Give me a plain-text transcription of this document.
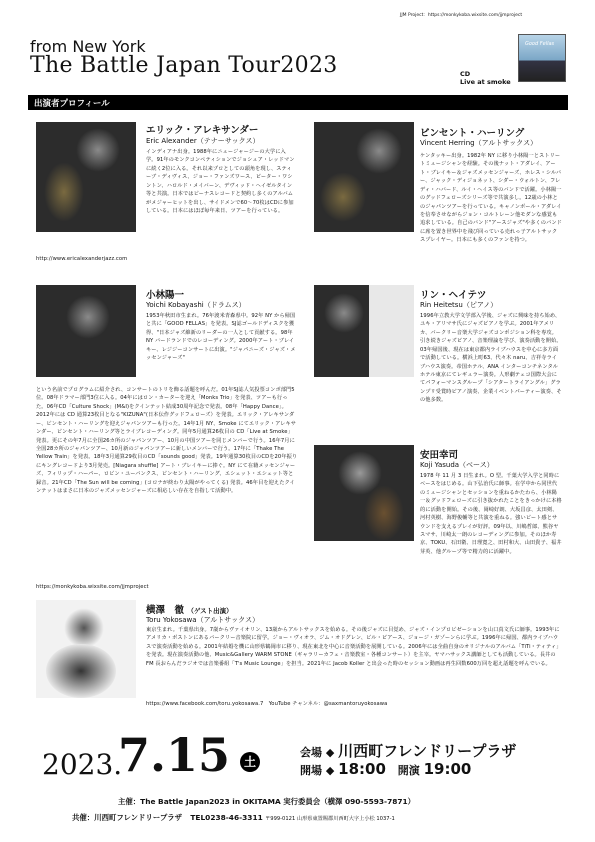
JJM Project：https://monkykoba.wixsite.com/jjmproject
from New York
The Battle Japan Tour2023
Good Fellas
CD
Live at smoke
出演者プロフィール
エリック・アレキサンダー
Eric Alexander（テナーサックス）
インディアナ出身。1988年にニュージャージーの大学に入学。91年のモンクコンペティションでジョシュア・レッドマンに続く2位に入る。それ以来プロとしての頭角を現し、スティーブ・ディヴィス、ジョー・ファンズワース、ピーター・ワシントン、ハロルド・メイバーン、デヴィッド・ヘイゼルタイン等と共演。日本ではビーナスレコードと契約し多くのアルバムがメジャーヒットを出し、サイドメンで60〜70枚はCDに参加している。日本にはほぼ毎年来日、ツアーを行っている。
http://www.ericalexanderjazz.com
ビンセント・ハーリング
Vincent Herring（アルトサックス）
ケンタッキー出身。1982年 NY に移り小林陽一とストリートミュージシャンを経験。その後ナット・アダレイ、アート・ブレイキー＆ジャズメッセンジャーズ、ホレス・シルバー、ジャック・ディジョネット、シダー・ウォルトン、フレディ・ハバード、ルイ・ヘイス等のバンドで活躍。小林陽一のグッドフェローズシリーズ等で共演多し。12歳の小林とのジャパンツアーを行っている。キャノンボール・アダレイを信奉させながらジョン・コルトレーン他モダンな感覚も追求している。自己のバンド"アースジャズ"や多くのバンドに席を置き世界中を飛び回っている売れっ子アルトサックスプレイヤー。日本にも多くのファンを持つ。
小林陽一
Yoichi Kobayashi（ドラムス）
1953年秋田市生まれ。76年渡米青森県中。92年 NY から帰国と共に「GOOD FELLAS」を発表。SJ誌ゴールドディスクを獲得、"日本ジャズ維新のリーダーの一人として貢献する。98年 NY バードランドでのレコーディング。2000年アート・ブレイキー、レジジーコンサートに出演。"ジャパニーズ・ジャズ・メッセンジャーズ"
という名前でプログラムに紹介され、コンサートのトリを飾る話題を呼んだ。01年SJ誌人気投票コンボ部門5位。08年ドラマー部門3位に入る。04年にはロン・カーターを迎え「Monks Trio」を発表、ツアーも行った。06年CD「Culture Shock」(M&I)をクインテット結成30周年記念で発表。08年「Happy Dance」。2012年には CD 通算23枚目となる"KIZUNA"(日本伝作グッドフェローズ）を発表。エリック・アレキサンダー、ビンセント・ハーリングを迎えジャパンツアーも行った。14年1月 NY、Smoke にてエリック・アレキサンダー、ビンセント・ハーリング等とライブレコーディング。同年5月通算26枚目の CD「Live at Smoke」発表。更にその年7月に全国26カ所のジャパンツアー、10月の中国ツアーを同じメンバーで行う。16年7月に全国28カ所のジャパンツアー、10月新のジャパンツアーに新しいメンバーで行う。17年に「Thake The Yellow Train」を発表。18年3月通算29枚目のCD「sounds good」発表。19年通算30枚目のCDを20年振りにキングレコードより3月発売。[Niagara shuffle] アート・ブレイキーに捧ぐ。NY にて在籍メッセンジャーズ、フィリップ・ハーパー、ロビン・ユーバンクス、ビンセント・ハーリング、エシェット・エシェット等と録音。21年CD「The Sun will be coming」(コロナが終わり太陽がやってくる) 発表。46年目を迎えたクインテットはまさに日本のジャズメッセンジャーズに相応しい存在を自指して活動中。
https://monkykoba.wixsite.com/jjmproject
リン・ヘイテツ
Rin Heitetsu（ピアノ）
1996年立教大学文学部入学後、ジャズに興味を持ち始め、ユキ・アリマサ氏にジャズピアノを学ぶ。2001年アメリカ、バークリー音楽大学ジャズコンポジション科を専攻。引き続きジャズピアノ、音楽理論を学び、演奏活動を開始。03年帰国後、現在は東京都内ライブハウスを中心に多方面で活動している。横浜上町63、代々木 naru、吉祥寺ライブハウス演奏。帝国ホテル、ANA インターコンチネンタルホテル東京にてレギュラー演奏。人形劇テェコ国際大会にてパフォーマンスグループ「シアタートライアングル」グランプリ受賞時ピアノ演奏、企業イベントパーティー演奏、その他多数。
安田幸司
Koji Yasuda（ベース）
1978 年 11 月 3 日生まれ。O 型。千葉大学入学と同時にベースをはじめる。山下弘治氏に師事。在学中から同世代のミュージシャンとセッションを重ねるかたわら、小林陽一＆グッドフェローズに引き抜かれたことをきっかけに本格的に活動を開始。その後、岡崎好朗、大坂昌彦、太田剣、河村英樹、海野俊輔等と共演を重ねる。強いビート感とサウンドを支えるプレイが好評。09年以、川嶋哲郎、熊谷ヤスマサ、川崎太一朗のレコーディングに参加。そのほか寿京、TOKU、石田衛、日理寛之、田村和大、山田貴子、福井芽英、他グループ等で精力的に活躍中。
横澤　徹 （ゲスト出演）
Toru Yokosawa（アルトサックス）
東京生まれ。千葉県出身。7歳からヴァイオリン、13歳からアルトサックスを始める。その後ジャズに目覚め、ジャズ・インプロビゼーションを山口真文氏に師事。1993年にアメリカ・ボストンにあるバークリー音楽院に留学。ジョー・ヴィオラ、ジム・オドグレン、ビル・ピアース、ジョージ・ガゾーンらに学ぶ。1996年に帰国、都内ライブハウスで演奏活動を始める。2001年結婚を機に山形県鶴岡市に移り、現在東北を中心に音楽活動を展開している。2006年には全曲自身のオリジナルのアルバム「TiTi・ティティ」を発表。現在演奏活動の他、Music&Gallery WARM STONE（ギャラリーカフェ・音楽教室・各種コンサート）を主宰。ヤマハサックス講師としても活動している。長井の FM 長おらんだラジオでは音楽番組「T's Music Lounge」を担当。2021年に Jacob Koller と出会った時のセッション動画は再生回数600万回を超え話題を呼んでいる。
https://www.facebook.com/toru.yokosawa.7　YouTube チャンネル：@saxmantoruyokosawa
2023.
7.15	土
会場 ◆ 川西町フレンドリープラザ
開場 ◆ 18:00 開演 19:00
主催：The Battle Japan2023 in OKITAMA 実行委員会（横澤 090-5593-7871）
共催：川西町フレンドリープラザ TEL0238-46-3311 〒999-0121 山形県東置賜郡川西町大字上小松 1037-1
